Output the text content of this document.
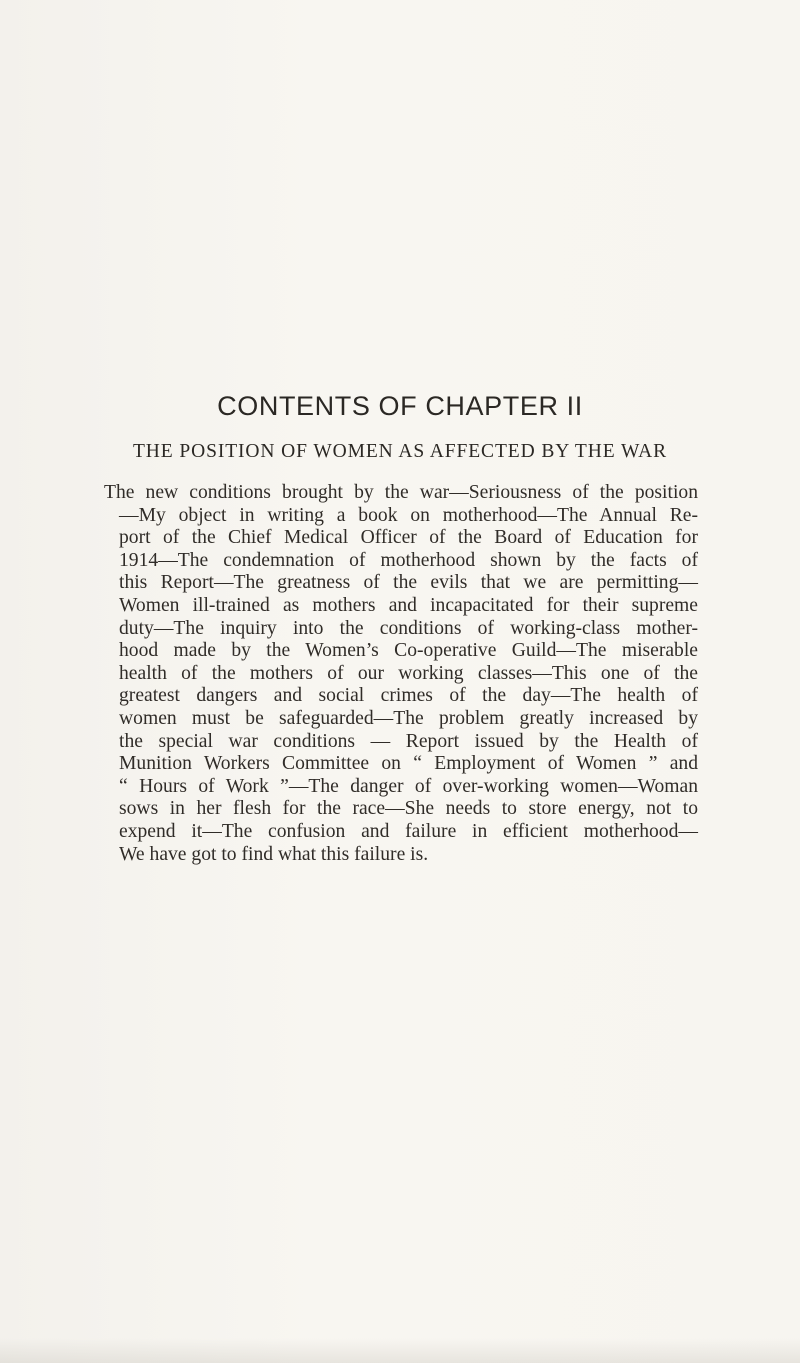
CONTENTS OF CHAPTER II
THE POSITION OF WOMEN AS AFFECTED BY THE WAR
The new conditions brought by the war—Seriousness of the position
—My object in writing a book on motherhood—The Annual Re-
port of the Chief Medical Officer of the Board of Education for
1914—The condemnation of motherhood shown by the facts of
this Report—The greatness of the evils that we are permitting—
Women ill-trained as mothers and incapacitated for their supreme
duty—The inquiry into the conditions of working-class mother-
hood made by the Women’s Co-operative Guild—The miserable
health of the mothers of our working classes—This one of the
greatest dangers and social crimes of the day—The health of
women must be safeguarded—The problem greatly increased by
the special war conditions — Report issued by the Health of
Munition Workers Committee on “ Employment of Women ” and
“ Hours of Work ”—The danger of over-working women—Woman
sows in her flesh for the race—She needs to store energy, not to
expend it—The confusion and failure in efficient motherhood—
We have got to find what this failure is.
